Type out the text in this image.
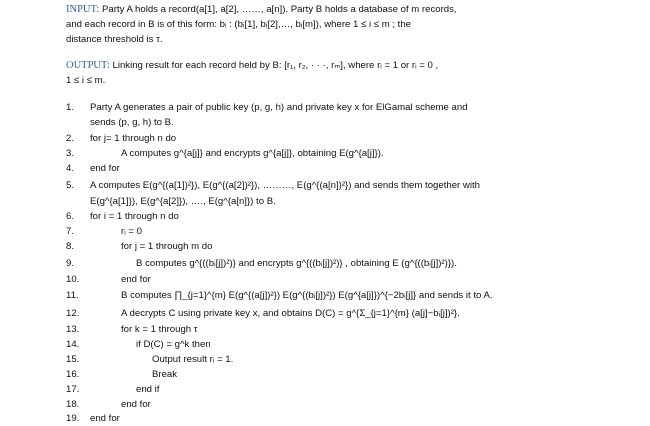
INPUT: Party A holds a record(a[1], a[2], ……, a[n]). Party B holds a database of m records,
and each record in B is of this form: bᵢ : (bᵢ[1], bᵢ[2],…, bᵢ[m]), where 1 ≤ i ≤ m ; the
distance threshold is τ.
OUTPUT: Linking result for each record held by B: [r₁, r₂, · · ·, rₘ], where rᵢ = 1 or rᵢ = 0 ,
1 ≤ i ≤ m.
1.	Party A generates a pair of public key (p, g, h) and private key x for ElGamal scheme and
sends (p, g, h) to B.
2.	for j= 1 through n do
3.	A computes g^{a[j]} and encrypts g^{a[j]}, obtaining E(g^{a[j]}).
4.	end for
5.	A computes E(g^{(a[1])²}), E(g^{(a[2])²}), ………, E(g^{(a[n])²}) and sends them together with
E(g^{a[1]}), E(g^{a[2]}), …., E(g^{a[n]}) to B.
6.	for i = 1 through n do
7.	rᵢ = 0
8.	for j = 1 through m do
9.	B computes g^{((bᵢ[j])²)} and encrypts g^{((bᵢ[j])²)} , obtaining E (g^{((bᵢ[j])²)}).
10.	end for
11.	B computes ∏_{j=1}^{m} E(g^{(a[j])²}) E(g^{(bᵢ[j])²}) E(g^{a[j]})^{−2bᵢ[j]} and sends it to A.
12.	A decrypts C using private key x, and obtains D(C) = g^{Σ_{j=1}^{m} (a[j]−bᵢ[j])²}.
13.	for k = 1 through τ
14.	if D(C) = g^k then
15.	Output result rᵢ = 1.
16.	Break
17.	end if
18.	end for
19.	end for
